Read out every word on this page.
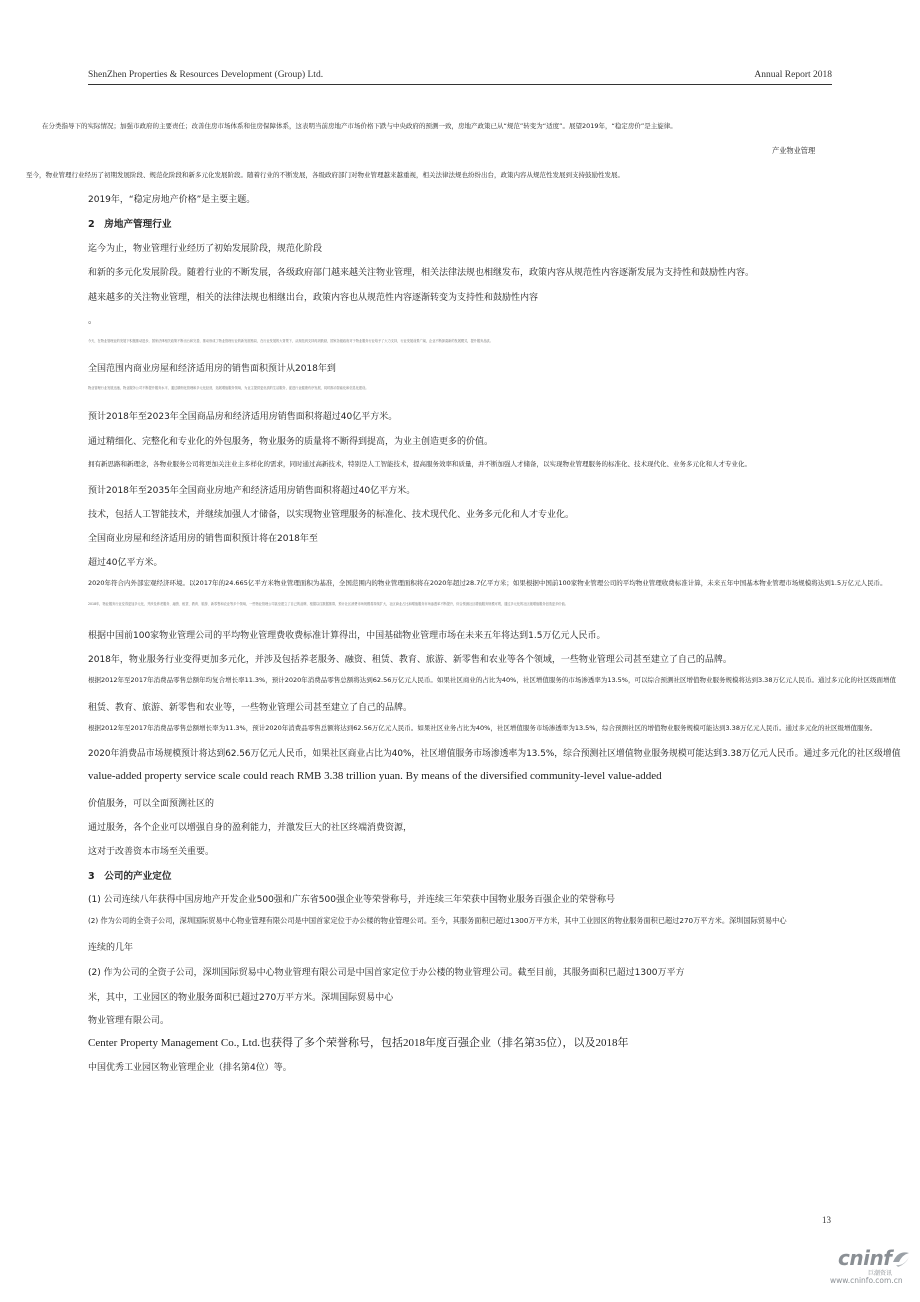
ShenZhen Properties & Resources Development (Group) Ltd.	Annual Report 2018
在分类指导下的实际情况；加强市政府的主要责任；改善住房市场体系和住房保障体系，这表明当前房地产市场价格下跌与中央政府的预测一致，房地产政策已从“规范”转变为“适度”。展望2019年，“稳定房价”是主旋律。
产业物业管理
至今，物业管理行业经历了初期发展阶段、规范化阶段和新多元化发展阶段。随着行业的不断发展，各级政府部门对物业管理越来越重视，相关法律法规也纷纷出台，政策内容从规范性发展到支持鼓励性发展。
2019年，“稳定房地产价格”是主要主题。
2　房地产管理行业
迄今为止，物业管理行业经历了初始发展阶段，规范化阶段
和新的多元化发展阶段。随着行业的不断发展，各级政府部门越来越关注物业管理，相关法律法规也相继发布，政策内容从规范性内容逐渐发展为支持性和鼓励性内容。
越来越多的关注物业管理，相关的法律法规也相继出台，政策内容也从规范性内容逐渐转变为支持性和鼓励性内容
。
今天，在物业管理业的发展下积极推动进步，国家法律相关政策不断出台和完善，推动形成了物业管理行业的新发展格局，在行业发展的大背景下，从规范到支持再到鼓励，国家各级政府对于物业服务行业给予了大力支持，行业发展前景广阔，企业不断探索新的发展模式，提升服务品质。
全国范围内商业房屋和经济适用房的销售面积预计从2018年到
物业管理行业发展迅速，物业服务公司不断提升服务水平，通过精细化管理和多元化经营，拓展增值服务领域，为业主提供更优质的生活服务，促进行业健康有序发展，同时推动智能化和信息化建设。
预计2018年至2023年全国商品房和经济适用房销售面积将超过40亿平方米。
通过精细化、完整化和专业化的外包服务，物业服务的质量将不断得到提高，为业主创造更多的价值。
拥有新思路和新理念，各物业服务公司将更加关注业主多样化的需求，同时通过高新技术，特别是人工智能技术，提高服务效率和质量，并不断加强人才储备，以实现物业管理服务的标准化、技术现代化、业务多元化和人才专业化。
预计2018年至2035年全国商业房地产和经济适用房销售面积将超过40亿平方米。
技术，包括人工智能技术，并继续加强人才储备，以实现物业管理服务的标准化、技术现代化、业务多元化和人才专业化。
全国商业房屋和经济适用房的销售面积预计将在2018年至
超过40亿平方米。
2020年符合内外部宏观经济环境。以2017年的24.665亿平方米物业管理面积为基准，全国范围内的物业管理面积将在2020年超过28.7亿平方米；如果根据中国前100家物业管理公司的平均物业管理收费标准计算，未来五年中国基本物业管理市场规模将达到1.5万亿元人民币。
2018年，物业服务行业变得更加多元化，并涉及养老服务、融资、租赁、教育、旅游、新零售和农业等多个领域，一些物业管理公司甚至建立了自己的品牌，根据以往数据推算，预计社区消费市场规模将持续扩大，社区商业占比和增值服务市场渗透率不断提升，综合预测社区增值服务规模可观，通过多元化的社区级增值服务创造更多价值。
根据中国前100家物业管理公司的平均物业管理费收费标准计算得出，中国基础物业管理市场在未来五年将达到1.5万亿元人民币。
2018年，物业服务行业变得更加多元化，并涉及包括养老服务、融资、租赁、教育、旅游、新零售和农业等各个领域，一些物业管理公司甚至建立了自己的品牌。
根据2012年至2017年消费品零售总额年均复合增长率11.3%，预计2020年消费品零售总额将达到62.56万亿元人民币。如果社区商业的占比为40%，社区增值服务的市场渗透率为13.5%，可以综合预测社区增值物业服务规模将达到3.38万亿元人民币。通过多元化的社区级面增值
租赁、教育、旅游、新零售和农业等，一些物业管理公司甚至建立了自己的品牌。
根据2012年至2017年消费品零售总额增长率为11.3%，预计2020年消费品零售总额将达到62.56万亿元人民币。如果社区业务占比为40%，社区增值服务市场渗透率为13.5%，综合预测社区的增值物业服务规模可能达到3.38万亿元人民币。通过多元化的社区级增值服务。
2020年消费品市场规模预计将达到62.56万亿元人民币，如果社区商业占比为40%，社区增值服务市场渗透率为13.5%，综合预测社区增值物业服务规模可能达到3.38万亿元人民币。通过多元化的社区级增值
value-added property service scale could reach RMB 3.38 trillion yuan. By means of the diversified community-level value-added
价值服务，可以全面预测社区的
通过服务，各个企业可以增强自身的盈利能力，并激发巨大的社区终端消费资源，
这对于改善资本市场至关重要。
3　公司的产业定位
(1) 公司连续八年获得中国房地产开发企业500强和广东省500强企业等荣誉称号，并连续三年荣获中国物业服务百强企业的荣誉称号
(2) 作为公司的全资子公司，深圳国际贸易中心物业管理有限公司是中国首家定位于办公楼的物业管理公司。至今，其服务面积已超过1300万平方米，其中工业园区的物业服务面积已超过270万平方米。深圳国际贸易中心
连续的几年
(2) 作为公司的全资子公司，深圳国际贸易中心物业管理有限公司是中国首家定位于办公楼的物业管理公司。截至目前，其服务面积已超过1300万平方
米，其中，工业园区的物业服务面积已超过270万平方米。深圳国际贸易中心
物业管理有限公司。
Center Property Management Co., Ltd.也获得了多个荣誉称号，包括2018年度百强企业（排名第35位），以及2018年
中国优秀工业园区物业管理企业（排名第4位）等。
13
cninf
巨潮资讯
www.cninfo.com.cn
